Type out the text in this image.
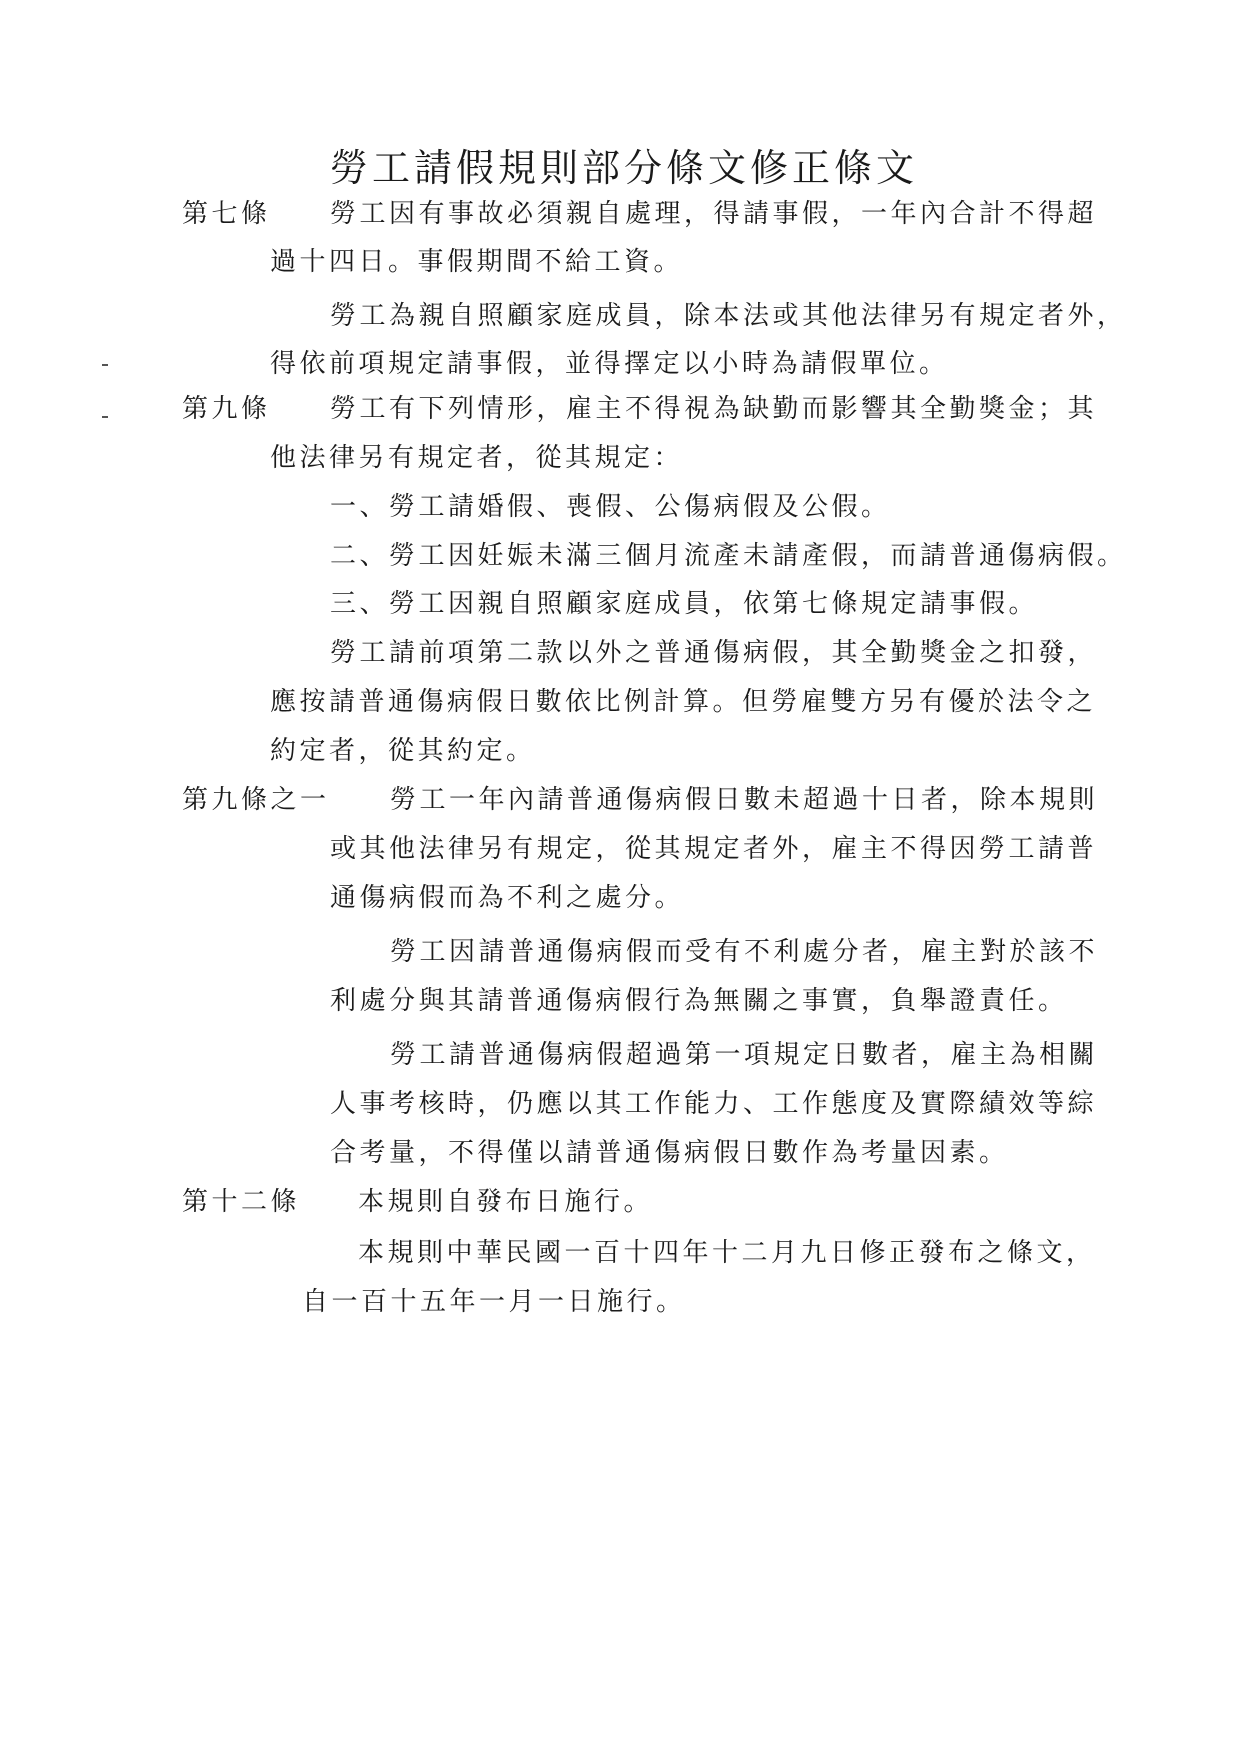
勞工請假規則部分條文修正條文
第七條 勞工因有事故必須親自處理，得請事假，一年內合計不得超
過十四日。事假期間不給工資。
勞工為親自照顧家庭成員，除本法或其他法律另有規定者外，
得依前項規定請事假，並得擇定以小時為請假單位。
第九條 勞工有下列情形，雇主不得視為缺勤而影響其全勤獎金；其
他法律另有規定者，從其規定：
一、勞工請婚假、喪假、公傷病假及公假。
二、勞工因妊娠未滿三個月流產未請產假，而請普通傷病假。
三、勞工因親自照顧家庭成員，依第七條規定請事假。
勞工請前項第二款以外之普通傷病假，其全勤獎金之扣發，
應按請普通傷病假日數依比例計算。但勞雇雙方另有優於法令之
約定者，從其約定。
第九條之一 勞工一年內請普通傷病假日數未超過十日者，除本規則
或其他法律另有規定，從其規定者外，雇主不得因勞工請普
通傷病假而為不利之處分。
勞工因請普通傷病假而受有不利處分者，雇主對於該不
利處分與其請普通傷病假行為無關之事實，負舉證責任。
勞工請普通傷病假超過第一項規定日數者，雇主為相關
人事考核時，仍應以其工作能力、工作態度及實際績效等綜
合考量，不得僅以請普通傷病假日數作為考量因素。
第十二條 本規則自發布日施行。
本規則中華民國一百十四年十二月九日修正發布之條文，
自一百十五年一月一日施行。
